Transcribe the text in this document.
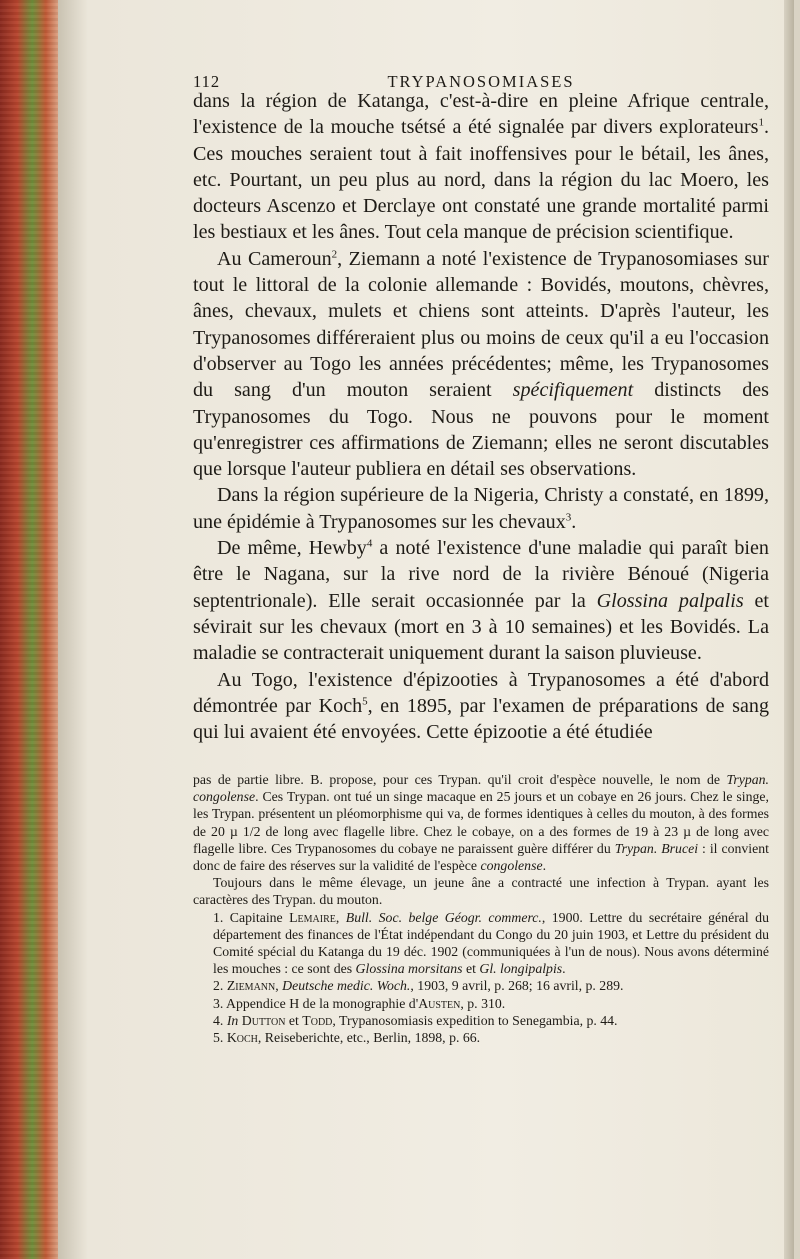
112	TRYPANOSOMIASES

dans la région de Katanga, c'est-à-dire en pleine Afrique centrale, l'existence de la mouche tsétsé a été signalée par divers explorateurs$^1$. Ces mouches seraient tout à fait inoffensives pour le bétail, les ânes, etc. Pourtant, un peu plus au nord, dans la région du lac Moero, les docteurs Ascenzo et Derclaye ont constaté une grande mortalité parmi les bestiaux et les ânes. Tout cela manque de précision scientifique.

Au Cameroun$^2$, Ziemann a noté l'existence de Trypanosomiases sur tout le littoral de la colonie allemande : Bovidés, moutons, chèvres, ânes, chevaux, mulets et chiens sont atteints. D'après l'auteur, les Trypanosomes différeraient plus ou moins de ceux qu'il a eu l'occasion d'observer au Togo les années précédentes; même, les Trypanosomes du sang d'un mouton seraient spécifiquement distincts des Trypanosomes du Togo. Nous ne pouvons pour le moment qu'enregistrer ces affirmations de Ziemann; elles ne seront discutables que lorsque l'auteur publiera en détail ses observations.

Dans la région supérieure de la Nigeria, Christy a constaté, en 1899, une épidémie à Trypanosomes sur les chevaux$^3$.

De même, Hewby$^4$ a noté l'existence d'une maladie qui paraît bien être le Nagana, sur la rive nord de la rivière Bénoué (Nigeria septentrionale). Elle serait occasionnée par la Glossina palpalis et sévirait sur les chevaux (mort en 3 à 10 semaines) et les Bovidés. La maladie se contracterait uniquement durant la saison pluvieuse.

Au Togo, l'existence d'épizooties à Trypanosomes a été d'abord démontrée par Koch$^5$, en 1895, par l'examen de préparations de sang qui lui avaient été envoyées. Cette épizootie a été étudiée

pas de partie libre. B. propose, pour ces Trypan. qu'il croit d'espèce nouvelle, le nom de Trypan. congolense. Ces Trypan. ont tué un singe macaque en 25 jours et un cobaye en 26 jours. Chez le singe, les Trypan. présentent un pléomorphisme qui va, de formes identiques à celles du mouton, à des formes de 20 µ 1/2 de long avec flagelle libre. Chez le cobaye, on a des formes de 19 à 23 µ de long avec flagelle libre. Ces Trypanosomes du cobaye ne paraissent guère différer du Trypan. Brucei : il convient donc de faire des réserves sur la validité de l'espèce congolense.

Toujours dans le même élevage, un jeune âne a contracté une infection à Trypan. ayant les caractères des Trypan. du mouton.

1. Capitaine Lemaire, Bull. Soc. belge Géogr. commerc., 1900. Lettre du secrétaire général du département des finances de l'État indépendant du Congo du 20 juin 1903, et Lettre du président du Comité spécial du Katanga du 19 déc. 1902 (communiquées à l'un de nous). Nous avons déterminé les mouches : ce sont des Glossina morsitans et Gl. longipalpis.

2. Ziemann, Deutsche medic. Woch., 1903, 9 avril, p. 268; 16 avril, p. 289.

3. Appendice H de la monographie d'Austen, p. 310.

4. In Dutton et Todd, Trypanosomiasis expedition to Senegambia, p. 44.

5. Koch, Reiseberichte, etc., Berlin, 1898, p. 66.
